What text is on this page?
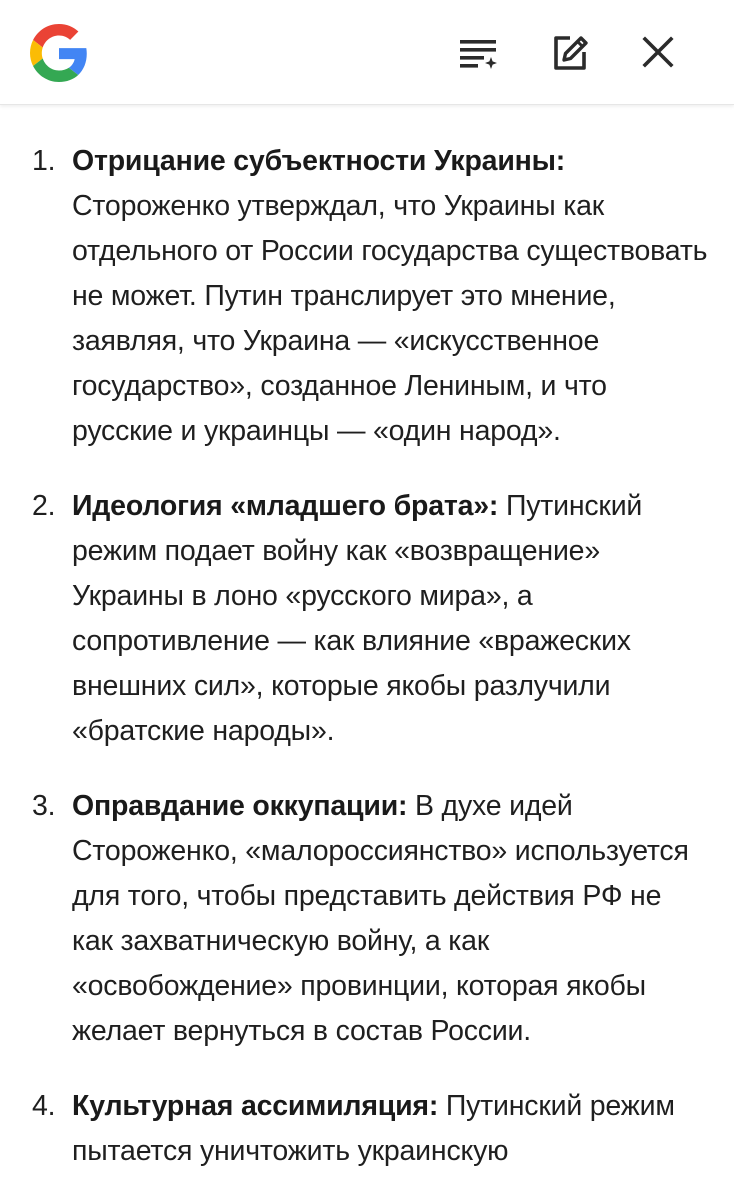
1. Отрицание субъектности Украины: Стороженко утверждал, что Украины как отдельного от России государства существовать не может. Путин транслирует это мнение, заявляя, что Украина — «искусственное государство», созданное Лениным, и что русские и украинцы — «один народ».
2. Идеология «младшего брата»: Путинский режим подает войну как «возвращение» Украины в лоно «русского мира», а сопротивление — как влияние «вражеских внешних сил», которые якобы разлучили «братские народы».
3. Оправдание оккупации: В духе идей Стороженко, «малороссиянство» используется для того, чтобы представить действия РФ не как захватническую войну, а как «освобождение» провинции, которая якобы желает вернуться в состав России.
4. Культурная ассимиляция: Путинский режим пытается уничтожить украинскую
